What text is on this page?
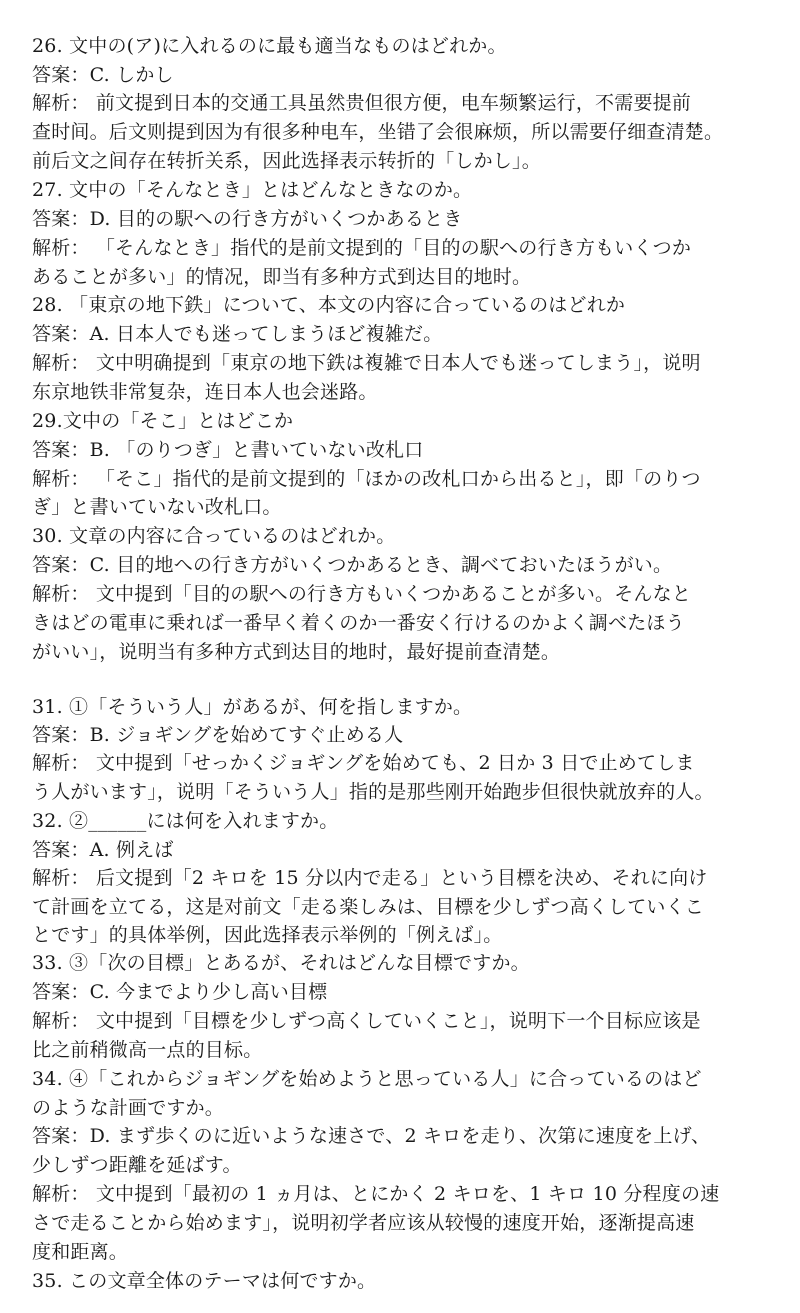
26. 文中の(ア)に入れるのに最も適当なものはどれか。
答案：C. しかし
解析： 前文提到日本的交通工具虽然贵但很方便，电车频繁运行，不需要提前
查时间。后文则提到因为有很多种电车，坐错了会很麻烦，所以需要仔细查清楚。
前后文之间存在转折关系，因此选择表示转折的「しかし」。
27. 文中の「そんなとき」とはどんなときなのか。
答案：D. 目的の駅への行き方がいくつかあるとき
解析： 「そんなとき」指代的是前文提到的「目的の駅への行き方もいくつか
あることが多い」的情况，即当有多种方式到达目的地时。
28. 「東京の地下鉄」について、本文の内容に合っているのはどれか
答案：A. 日本人でも迷ってしまうほど複雑だ。
解析： 文中明确提到「東京の地下鉄は複雑で日本人でも迷ってしまう」，说明
东京地铁非常复杂，连日本人也会迷路。
29.文中の「そこ」とはどこか
答案：B. 「のりつぎ」と書いていない改札口
解析： 「そこ」指代的是前文提到的「ほかの改札口から出ると」，即「のりつ
ぎ」と書いていない改札口。
30. 文章の内容に合っているのはどれか。
答案：C. 目的地への行き方がいくつかあるとき、調べておいたほうがい。
解析： 文中提到「目的の駅への行き方もいくつかあることが多い。そんなと
きはどの電車に乗れば一番早く着くのか一番安く行けるのかよく調べたほう
がいい」，说明当有多种方式到达目的地时，最好提前查清楚。
31. ①「そういう人」があるが、何を指しますか。
答案：B. ジョギングを始めてすぐ止める人
解析： 文中提到「せっかくジョギングを始めても、2 日か 3 日で止めてしま
う人がいます」，说明「そういう人」指的是那些刚开始跑步但很快就放弃的人。
32. ②______には何を入れますか。
答案：A. 例えば
解析： 后文提到「2 キロを 15 分以内で走る」という目標を決め、それに向け
て計画を立てる，这是对前文「走る楽しみは、目標を少しずつ高くしていくこ
とです」的具体举例，因此选择表示举例的「例えば」。
33. ③「次の目標」とあるが、それはどんな目標ですか。
答案：C. 今までより少し高い目標
解析： 文中提到「目標を少しずつ高くしていくこと」，说明下一个目标应该是
比之前稍微高一点的目标。
34. ④「これからジョギングを始めようと思っている人」に合っているのはど
のような計画ですか。
答案：D. まず歩くのに近いような速さで、2 キロを走り、次第に速度を上げ、
少しずつ距離を延ばす。
解析： 文中提到「最初の 1 ヵ月は、とにかく 2 キロを、1 キロ 10 分程度の速
さで走ることから始めます」，说明初学者应该从较慢的速度开始，逐渐提高速
度和距离。
35. この文章全体のテーマは何ですか。
